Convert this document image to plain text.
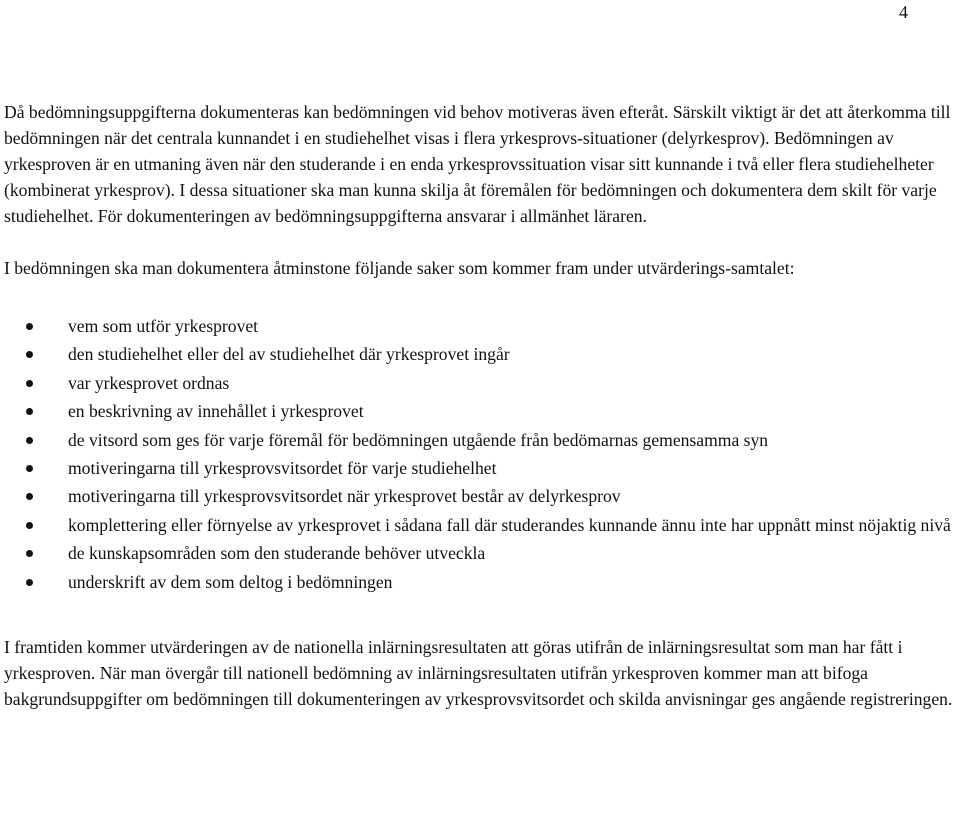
4

Då bedömningsuppgifterna dokumenteras kan bedömningen vid behov motiveras även efteråt. Särskilt viktigt är det att återkomma till bedömningen när det centrala kunnandet i en studiehelhet visas i flera yrkesprovs-situationer (delyrkesprov). Bedömningen av yrkesproven är en utmaning även när den studerande i en enda yrkesprovssituation visar sitt kunnande i två eller flera studiehelheter (kombinerat yrkesprov). I dessa situationer ska man kunna skilja åt föremålen för bedömningen och dokumentera dem skilt för varje studiehelhet. För dokumenteringen av bedömningsuppgifterna ansvarar i allmänhet läraren.

I bedömningen ska man dokumentera åtminstone följande saker som kommer fram under utvärderings-samtalet:

vem som utför yrkesprovet
den studiehelhet eller del av studiehelhet där yrkesprovet ingår
var yrkesprovet ordnas
en beskrivning av innehållet i yrkesprovet
de vitsord som ges för varje föremål för bedömningen utgående från bedömarnas gemensamma syn
motiveringarna till yrkesprovsvitsordet för varje studiehelhet
motiveringarna till yrkesprovsvitsordet när yrkesprovet består av delyrkesprov
komplettering eller förnyelse av yrkesprovet i sådana fall där studerandes kunnande ännu inte har uppnått minst nöjaktig nivå
de kunskapsområden som den studerande behöver utveckla
underskrift av dem som deltog i bedömningen

I framtiden kommer utvärderingen av de nationella inlärningsresultaten att göras utifrån de inlärningsresultat som man har fått i yrkesproven. När man övergår till nationell bedömning av inlärningsresultaten utifrån yrkesproven kommer man att bifoga bakgrundsuppgifter om bedömningen till dokumenteringen av yrkesprovsvitsordet och skilda anvisningar ges angående registreringen.
